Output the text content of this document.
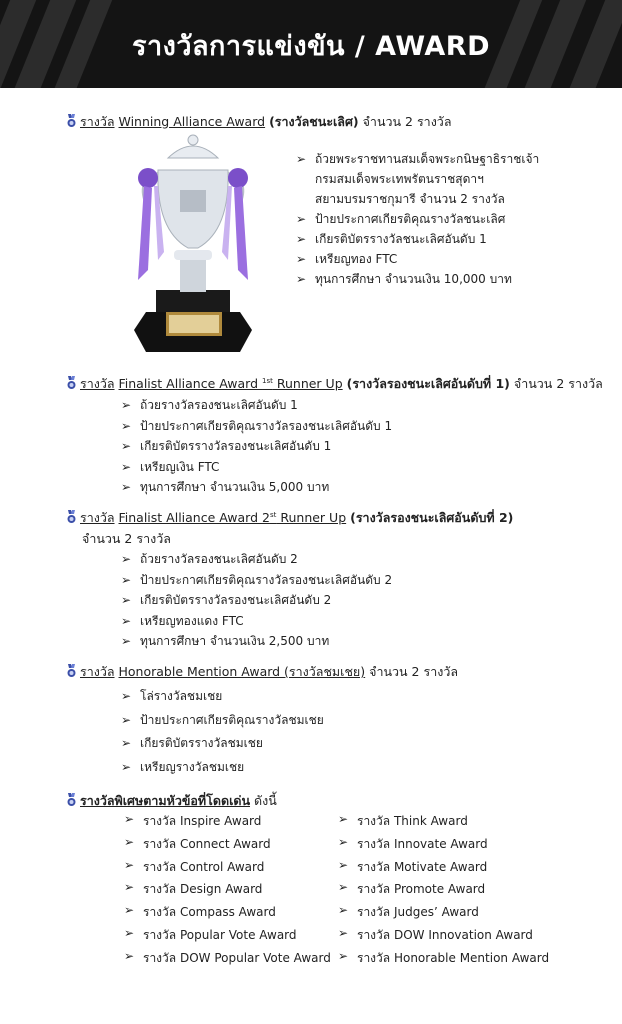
รางวัลการแข่งขัน / AWARD
รางวัล Winning Alliance Award (รางวัลชนะเลิศ) จำนวน 2 รางวัล
➢ ถ้วยพระราชทานสมเด็จพระกนิษฐาธิราชเจ้า
กรมสมเด็จพระเทพรัตนราชสุดาฯ
สยามบรมราชกุมารี จำนวน 2 รางวัล
➢ ป้ายประกาศเกียรติคุณรางวัลชนะเลิศ
➢ เกียรติบัตรรางวัลชนะเลิศอันดับ 1
➢ เหรียญทอง FTC
➢ ทุนการศึกษา จำนวนเงิน 10,000 บาท
รางวัล Finalist Alliance Award $^{1st}$ Runner Up (รางวัลรองชนะเลิศอันดับที่ 1) จำนวน 2 รางวัล
➢ ถ้วยรางวัลรองชนะเลิศอันดับ 1
➢ ป้ายประกาศเกียรติคุณรางวัลรองชนะเลิศอันดับ 1
➢ เกียรติบัตรรางวัลรองชนะเลิศอันดับ 1
➢ เหรียญเงิน FTC
➢ ทุนการศึกษา จำนวนเงิน 5,000 บาท
รางวัล Finalist Alliance Award 2st Runner Up (รางวัลรองชนะเลิศอันดับที่ 2)
จำนวน 2 รางวัล
➢ ถ้วยรางวัลรองชนะเลิศอันดับ 2
➢ ป้ายประกาศเกียรติคุณรางวัลรองชนะเลิศอันดับ 2
➢ เกียรติบัตรรางวัลรองชนะเลิศอันดับ 2
➢ เหรียญทองแดง FTC
➢ ทุนการศึกษา จำนวนเงิน 2,500 บาท
รางวัล Honorable Mention Award (รางวัลชมเชย) จำนวน 2 รางวัล
➢ โล่รางวัลชมเชย
➢ ป้ายประกาศเกียรติคุณรางวัลชมเชย
➢ เกียรติบัตรรางวัลชมเชย
➢ เหรียญรางวัลชมเชย
รางวัลพิเศษตามหัวข้อที่โดดเด่น ดังนี้
➢ รางวัล Inspire Award
➢ รางวัล Connect Award
➢ รางวัล Control Award
➢ รางวัล Design Award
➢ รางวัล Compass Award
➢ รางวัล Popular Vote Award
➢ รางวัล DOW Popular Vote Award
➢ รางวัล Think Award
➢ รางวัล Innovate Award
➢ รางวัล Motivate Award
➢ รางวัล Promote Award
➢ รางวัล Judges’ Award
➢ รางวัล DOW Innovation Award
➢ รางวัล Honorable Mention Award
